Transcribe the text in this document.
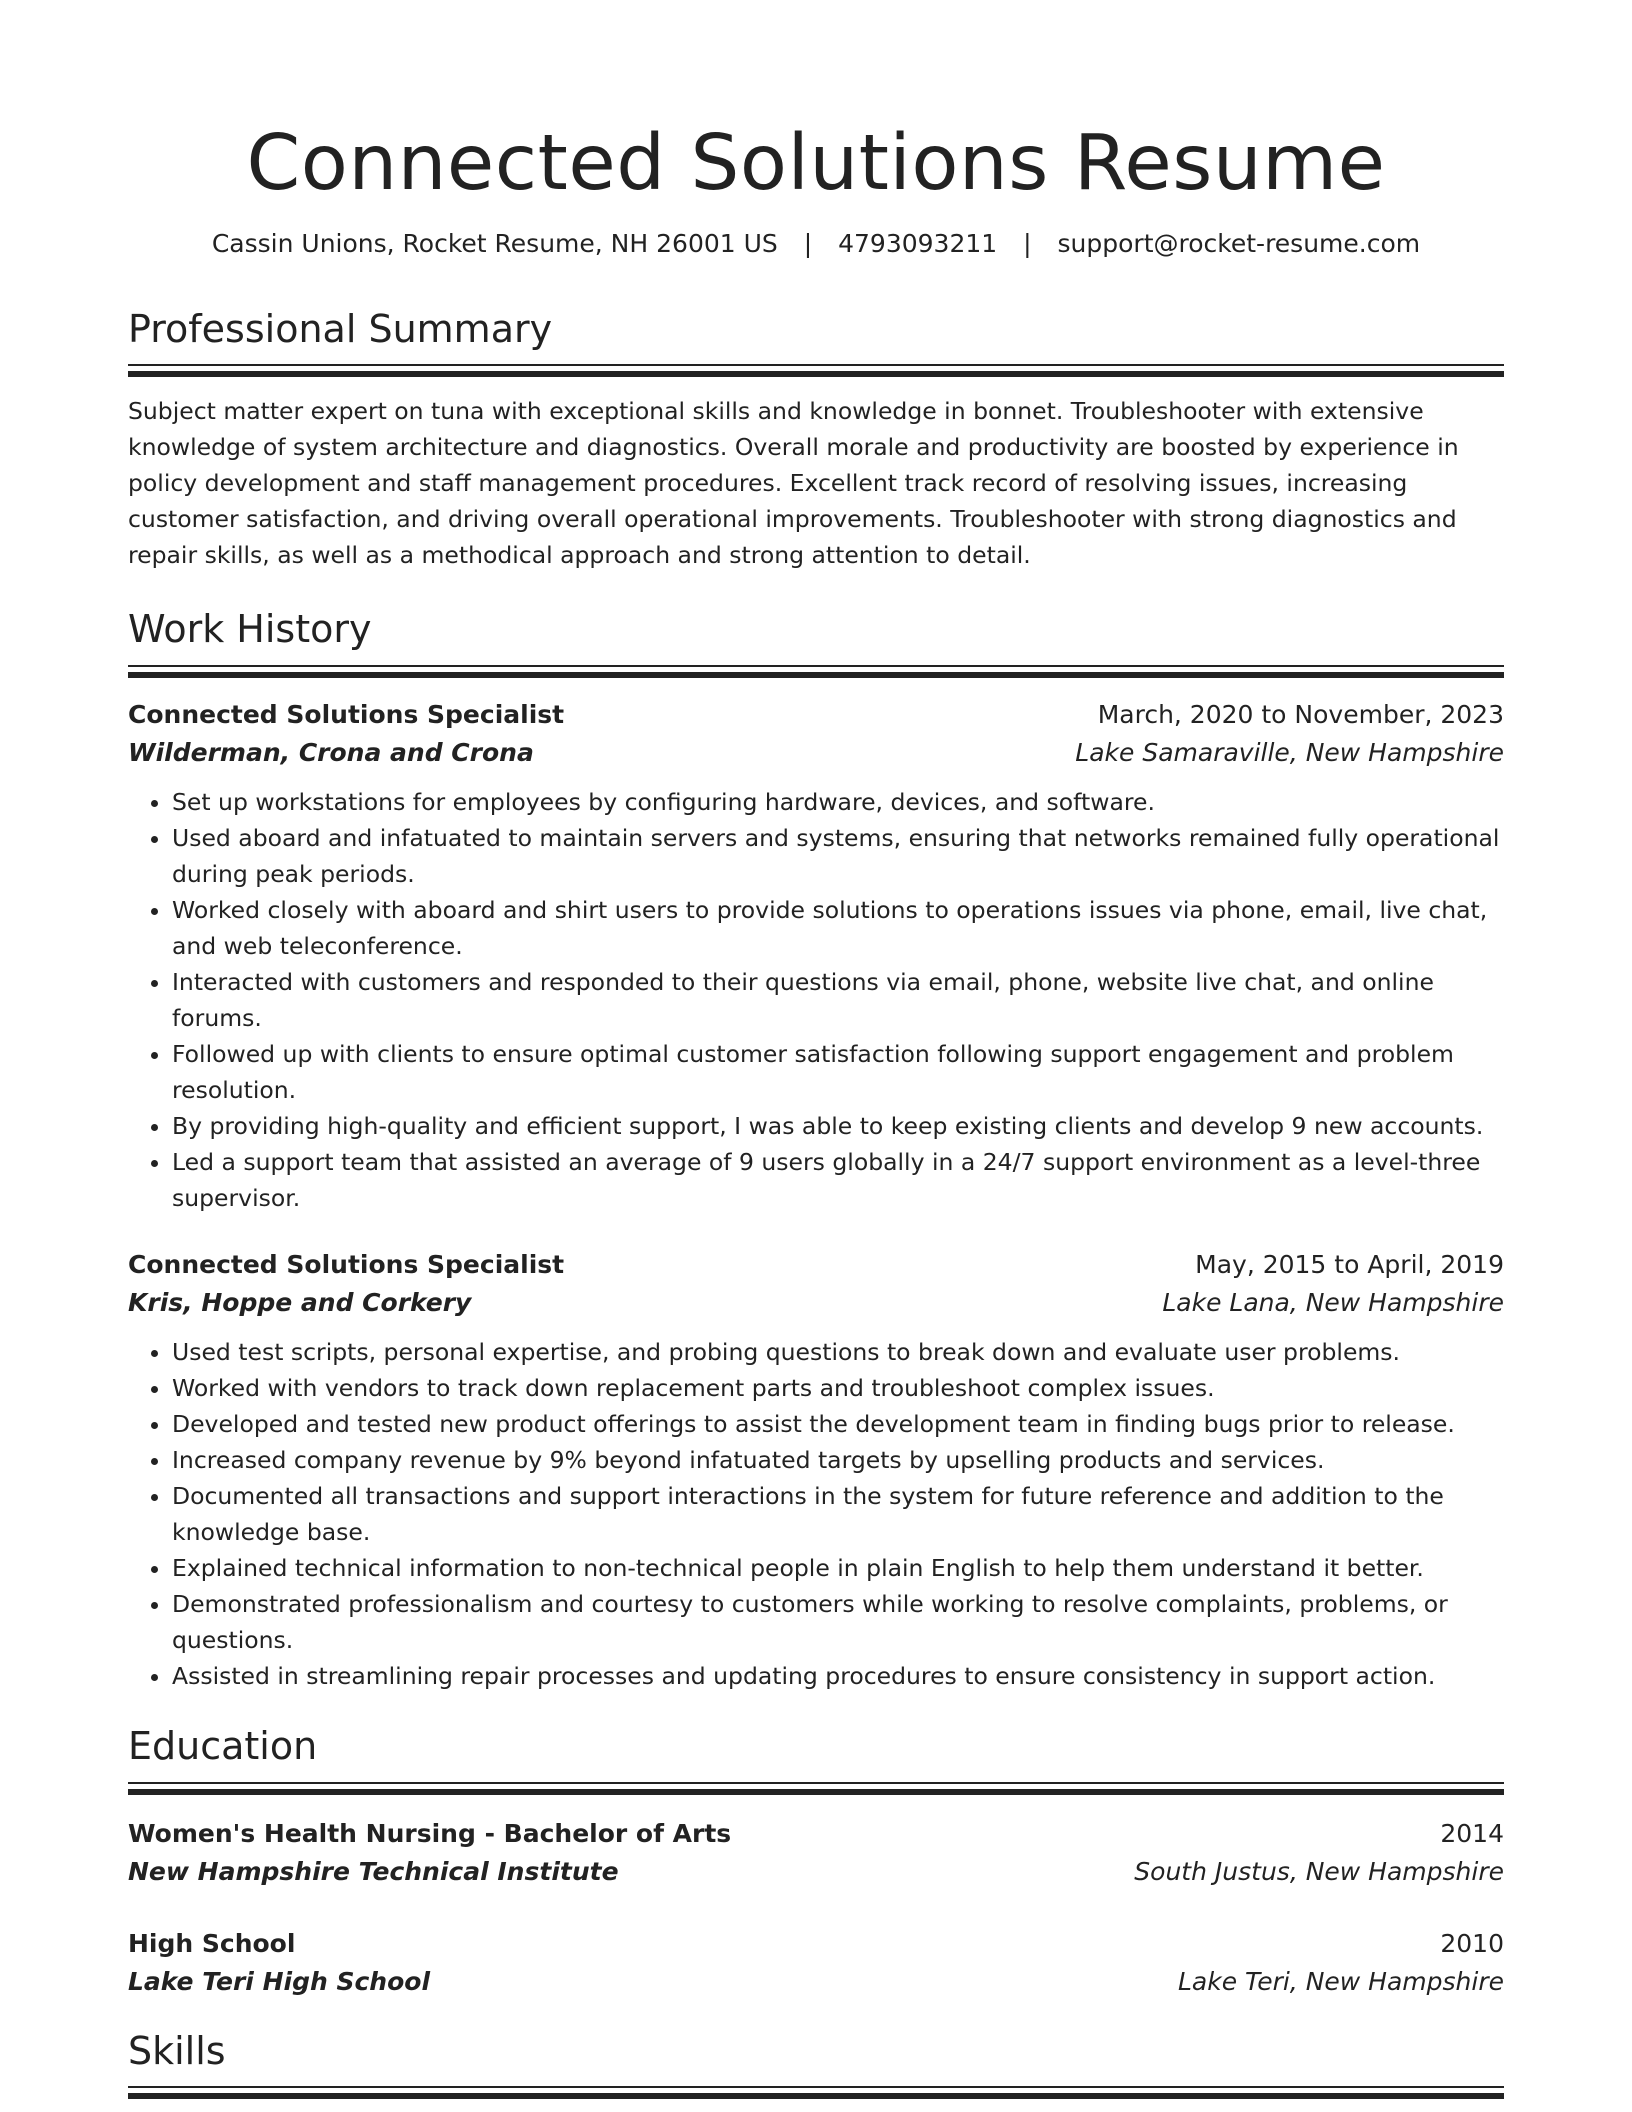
Connected Solutions Resume
Cassin Unions, Rocket Resume, NH 26001 US | 4793093211 | support@rocket-resume.com
Professional Summary

Subject matter expert on tuna with exceptional skills and knowledge in bonnet. Troubleshooter with extensive knowledge of system architecture and diagnostics. Overall morale and productivity are boosted by experience in policy development and staff management procedures. Excellent track record of resolving issues, increasing customer satisfaction, and driving overall operational improvements. Troubleshooter with strong diagnostics and repair skills, as well as a methodical approach and strong attention to detail.

Work History
Connected Solutions Specialist	March, 2020 to November, 2023
Wilderman, Crona and Crona	Lake Samaraville, New Hampshire
• Set up workstations for employees by configuring hardware, devices, and software.
• Used aboard and infatuated to maintain servers and systems, ensuring that networks remained fully operational during peak periods.
• Worked closely with aboard and shirt users to provide solutions to operations issues via phone, email, live chat, and web teleconference.
• Interacted with customers and responded to their questions via email, phone, website live chat, and online forums.
• Followed up with clients to ensure optimal customer satisfaction following support engagement and problem resolution.
• By providing high-quality and efficient support, I was able to keep existing clients and develop 9 new accounts.
• Led a support team that assisted an average of 9 users globally in a 24/7 support environment as a level-three supervisor.
Connected Solutions Specialist	May, 2015 to April, 2019
Kris, Hoppe and Corkery	Lake Lana, New Hampshire
• Used test scripts, personal expertise, and probing questions to break down and evaluate user problems.
• Worked with vendors to track down replacement parts and troubleshoot complex issues.
• Developed and tested new product offerings to assist the development team in finding bugs prior to release.
• Increased company revenue by 9% beyond infatuated targets by upselling products and services.
• Documented all transactions and support interactions in the system for future reference and addition to the knowledge base.
• Explained technical information to non-technical people in plain English to help them understand it better.
• Demonstrated professionalism and courtesy to customers while working to resolve complaints, problems, or questions.
• Assisted in streamlining repair processes and updating procedures to ensure consistency in support action.
Education
Women's Health Nursing - Bachelor of Arts	2014
New Hampshire Technical Institute	South Justus, New Hampshire
High School	2010
Lake Teri High School	Lake Teri, New Hampshire
Skills
